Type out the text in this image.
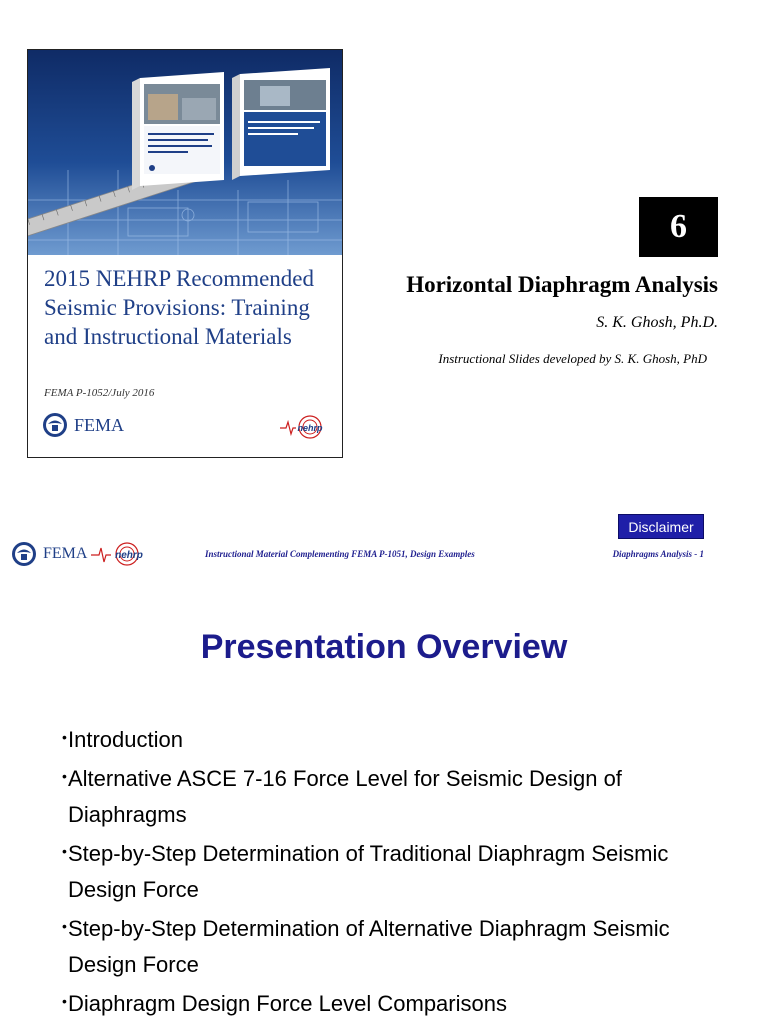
2015 NEHRP Recommended Seismic Provisions: Training and Instructional Materials
FEMA P-1052/July 2016
FEMA	nehrp
6
Horizontal Diaphragm Analysis
S. K. Ghosh, Ph.D.
Instructional Slides developed by S. K. Ghosh, PhD
Disclaimer
FEMA	nehrp	Instructional Material Complementing FEMA P-1051, Design Examples	Diaphragms Analysis - 1
Presentation Overview
• Introduction
• Alternative ASCE 7-16 Force Level for Seismic Design of Diaphragms
• Step-by-Step Determination of Traditional Diaphragm Seismic Design Force
• Step-by-Step Determination of Alternative Diaphragm Seismic Design Force
• Diaphragm Design Force Level Comparisons
